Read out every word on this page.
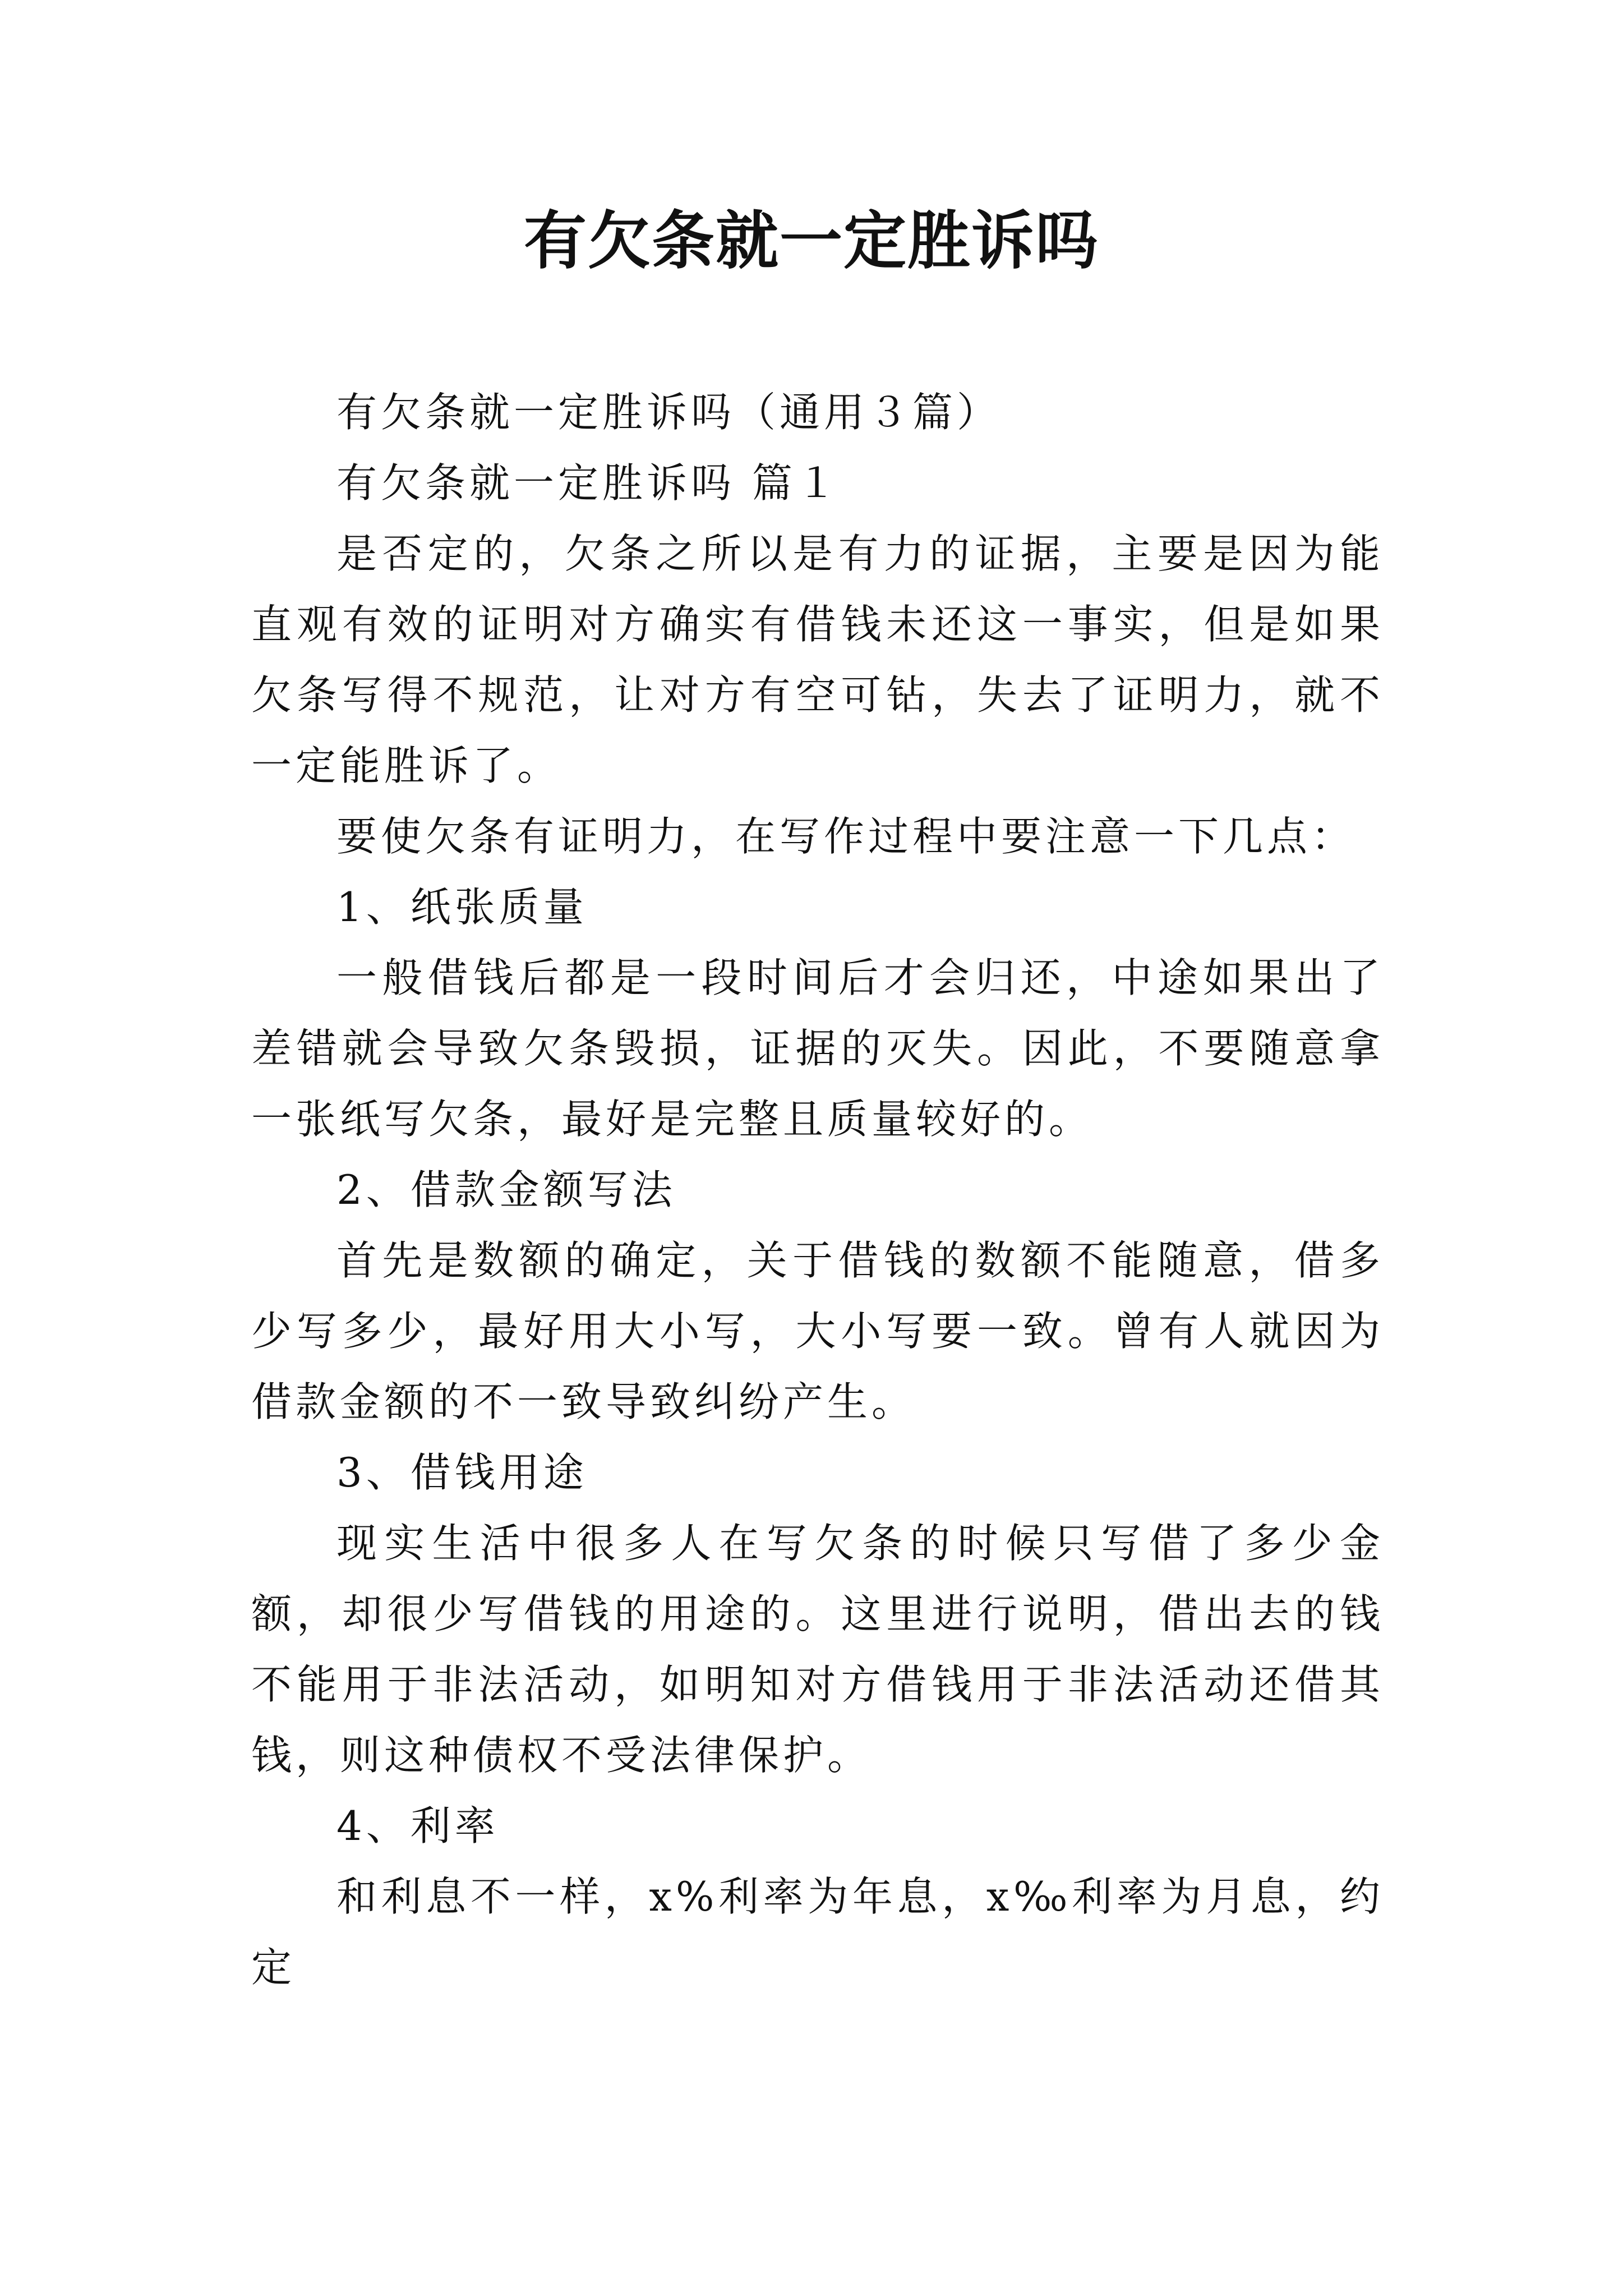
有欠条就一定胜诉吗

有欠条就一定胜诉吗（通用３篇）

有欠条就一定胜诉吗 篇１

是否定的，欠条之所以是有力的证据，主要是因为能直观有效的证明对方确实有借钱未还这一事实，但是如果欠条写得不规范，让对方有空可钻，失去了证明力，就不一定能胜诉了。

要使欠条有证明力，在写作过程中要注意一下几点：

1、纸张质量

一般借钱后都是一段时间后才会归还，中途如果出了差错就会导致欠条毁损，证据的灭失。因此，不要随意拿一张纸写欠条，最好是完整且质量较好的。

2、借款金额写法

首先是数额的确定，关于借钱的数额不能随意，借多少写多少，最好用大小写，大小写要一致。曾有人就因为借款金额的不一致导致纠纷产生。

3、借钱用途

现实生活中很多人在写欠条的时候只写借了多少金额，却很少写借钱的用途的。这里进行说明，借出去的钱不能用于非法活动，如明知对方借钱用于非法活动还借其钱，则这种债权不受法律保护。

4、利率

和利息不一样，x%利率为年息，x‰利率为月息，约定
